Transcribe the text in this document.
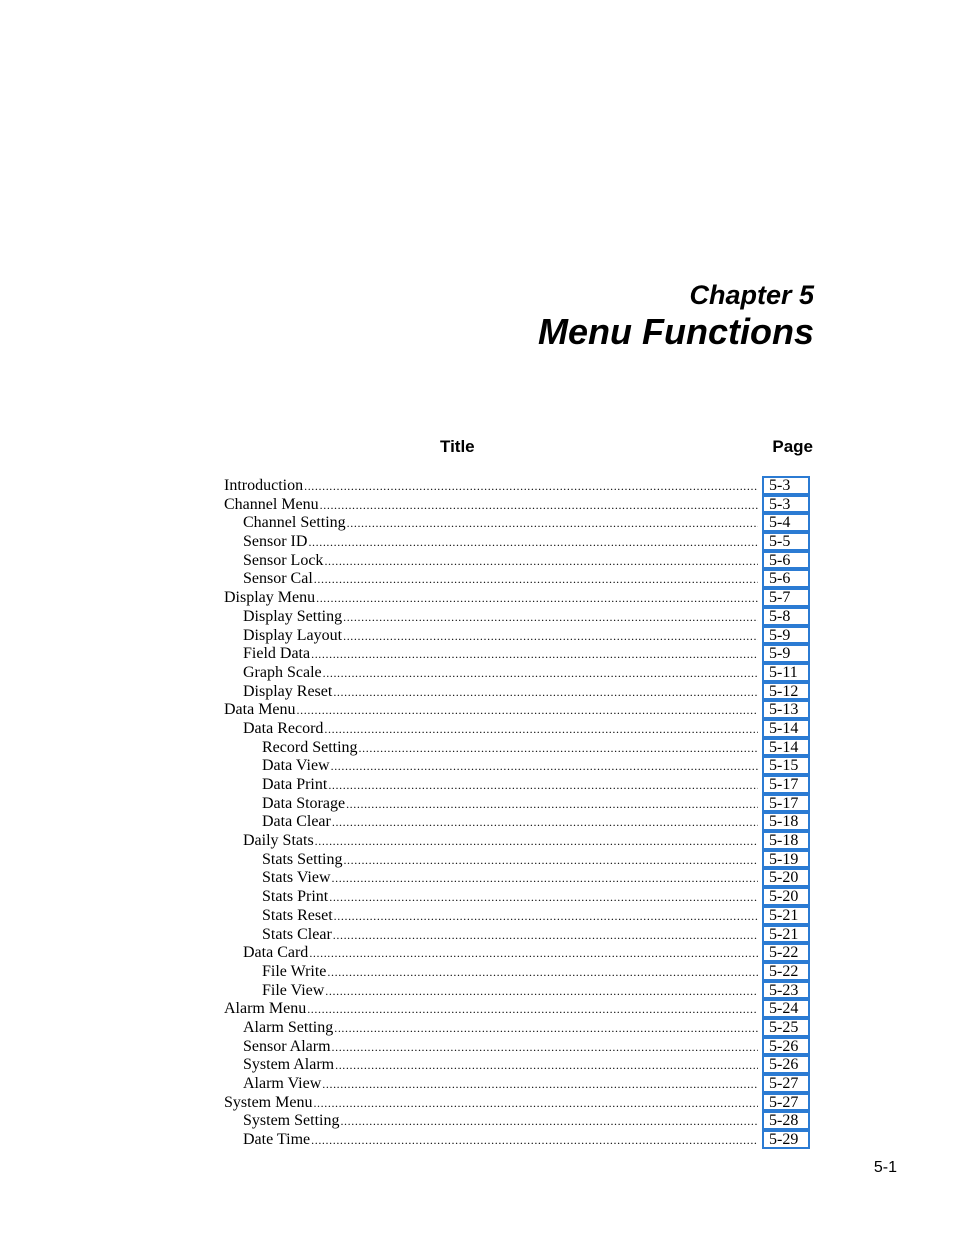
Chapter 5
Menu Functions
Title	Page
Introduction .....	5-3
Channel Menu .....	5-3
Channel Setting .....	5-4
Sensor ID .....	5-5
Sensor Lock .....	5-6
Sensor Cal .....	5-6
Display Menu .....	5-7
Display Setting .....	5-8
Display Layout .....	5-9
Field Data .....	5-9
Graph Scale .....	5-11
Display Reset .....	5-12
Data Menu .....	5-13
Data Record .....	5-14
Record Setting .....	5-14
Data View .....	5-15
Data Print .....	5-17
Data Storage .....	5-17
Data Clear .....	5-18
Daily Stats .....	5-18
Stats Setting .....	5-19
Stats View .....	5-20
Stats Print .....	5-20
Stats Reset .....	5-21
Stats Clear .....	5-21
Data Card .....	5-22
File Write .....	5-22
File View .....	5-23
Alarm Menu .....	5-24
Alarm Setting .....	5-25
Sensor Alarm .....	5-26
System Alarm .....	5-26
Alarm View .....	5-27
System Menu .....	5-27
System Setting .....	5-28
Date Time .....	5-29
5-1
